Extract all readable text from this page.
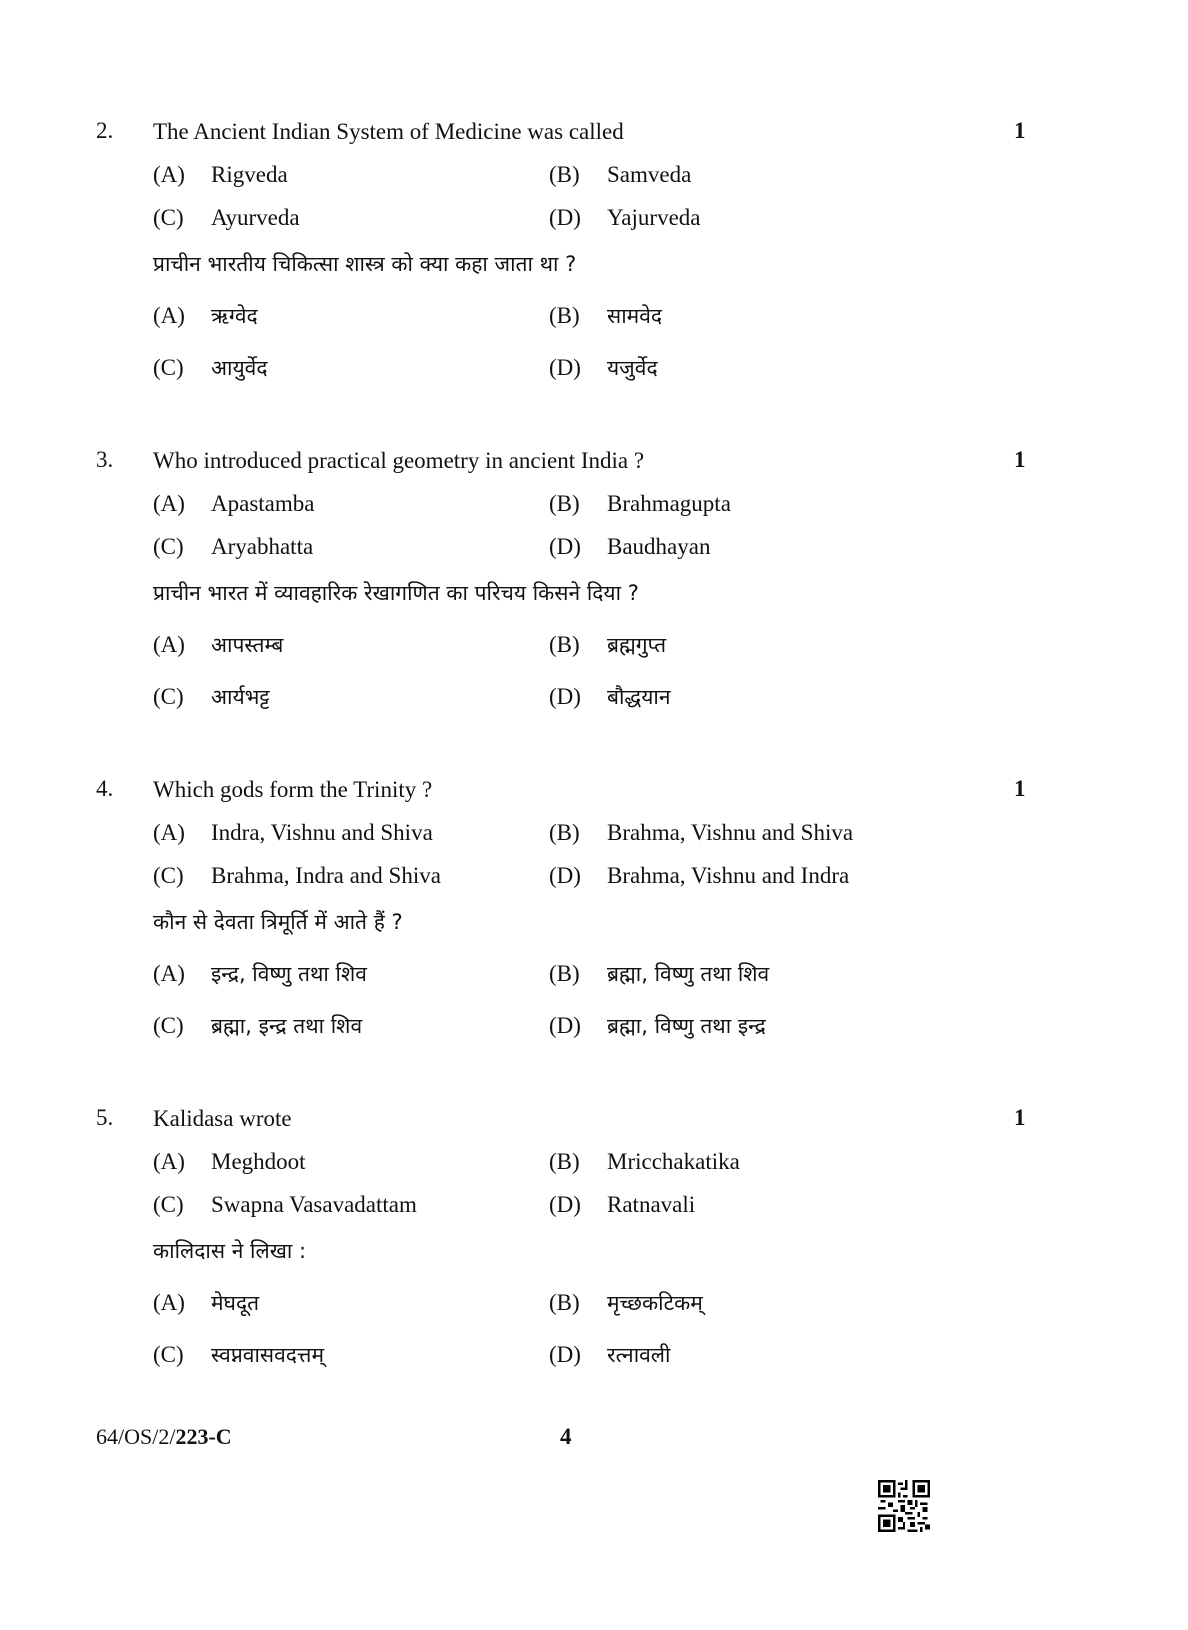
2. The Ancient Indian System of Medicine was called	1
(A) Rigveda	(B) Samveda
(C) Ayurveda	(D) Yajurveda
प्राचीन भारतीय चिकित्सा शास्त्र को क्या कहा जाता था ?
(A) ऋग्वेद	(B) सामवेद
(C) आयुर्वेद	(D) यजुर्वेद
3. Who introduced practical geometry in ancient India ?	1
(A) Apastamba	(B) Brahmagupta
(C) Aryabhatta	(D) Baudhayan
प्राचीन भारत में व्यावहारिक रेखागणित का परिचय किसने दिया ?
(A) आपस्तम्ब	(B) ब्रह्मगुप्त
(C) आर्यभट्ट	(D) बौद्धयान
4. Which gods form the Trinity ?	1
(A) Indra, Vishnu and Shiva	(B) Brahma, Vishnu and Shiva
(C) Brahma, Indra and Shiva	(D) Brahma, Vishnu and Indra
कौन से देवता त्रिमूर्ति में आते हैं ?
(A) इन्द्र, विष्णु तथा शिव	(B) ब्रह्मा, विष्णु तथा शिव
(C) ब्रह्मा, इन्द्र तथा शिव	(D) ब्रह्मा, विष्णु तथा इन्द्र
5. Kalidasa wrote	1
(A) Meghdoot	(B) Mricchakatika
(C) Swapna Vasavadattam	(D) Ratnavali
कालिदास ने लिखा :
(A) मेघदूत	(B) मृच्छकटिकम्
(C) स्वप्नवासवदत्तम्	(D) रत्नावली
64/OS/2/223-C	4
